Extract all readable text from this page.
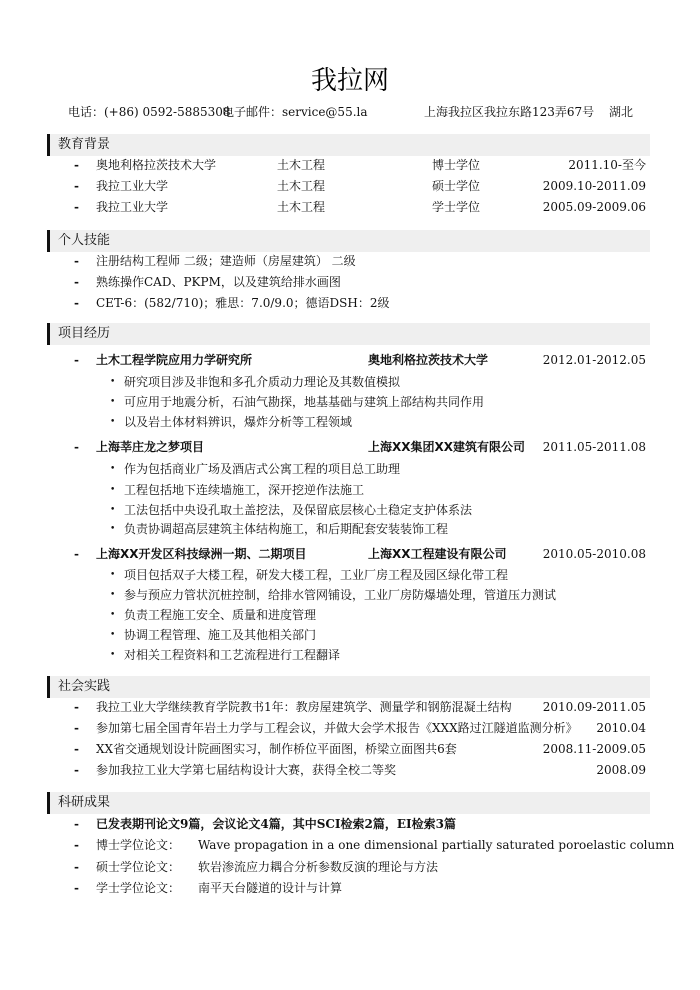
我拉网
电话：(+86) 0592-5885308
电子邮件：service@55.la	上海我拉区我拉东路123弄67号 湖北
教育背景
- 奥地利格拉茨技术大学	土木工程	博士学位	2011.10-至今
- 我拉工业大学	土木工程	硕士学位	2009.10-2011.09
- 我拉工业大学	土木工程	学士学位	2005.09-2009.06
个人技能
- 注册结构工程师 二级；建造师（房屋建筑） 二级
- 熟练操作CAD、PKPM，以及建筑给排水画图
- CET-6：(582/710)；雅思：7.0/9.0；德语DSH：2级
项目经历
- 土木工程学院应用力学研究所	奥地利格拉茨技术大学	2012.01-2012.05
• 研究项目涉及非饱和多孔介质动力理论及其数值模拟
• 可应用于地震分析，石油气勘探，地基基础与建筑上部结构共同作用
• 以及岩土体材料辨识，爆炸分析等工程领域
- 上海莘庄龙之梦项目	上海XX集团XX建筑有限公司	2011.05-2011.08
• 作为包括商业广场及酒店式公寓工程的项目总工助理
• 工程包括地下连续墙施工，深开挖逆作法施工
• 工法包括中央设孔取土盖挖法，及保留底层核心土稳定支护体系法
• 负责协调超高层建筑主体结构施工，和后期配套安装装饰工程
- 上海XX开发区科技绿洲一期、二期项目	上海XX工程建设有限公司	2010.05-2010.08
• 项目包括双子大楼工程，研发大楼工程，工业厂房工程及园区绿化带工程
• 参与预应力管状沉桩控制，给排水管网铺设，工业厂房防爆墙处理，管道压力测试
• 负责工程施工安全、质量和进度管理
• 协调工程管理、施工及其他相关部门
• 对相关工程资料和工艺流程进行工程翻译
社会实践
- 我拉工业大学继续教育学院教书1年：教房屋建筑学、测量学和钢筋混凝土结构	2010.09-2011.05
- 参加第七届全国青年岩土力学与工程会议，并做大会学术报告《XXX路过江隧道监测分析》	2010.04
- XX省交通规划设计院画图实习，制作桥位平面图，桥梁立面图共6套	2008.11-2009.05
- 参加我拉工业大学第七届结构设计大赛，获得全校二等奖	2008.09
科研成果
- 已发表期刊论文9篇，会议论文4篇，其中SCI检索2篇，EI检索3篇
- 博士学位论文： Wave propagation in a one dimensional partially saturated poroelastic column
- 硕士学位论文： 软岩渗流应力耦合分析参数反演的理论与方法
- 学士学位论文： 南平天台隧道的设计与计算
